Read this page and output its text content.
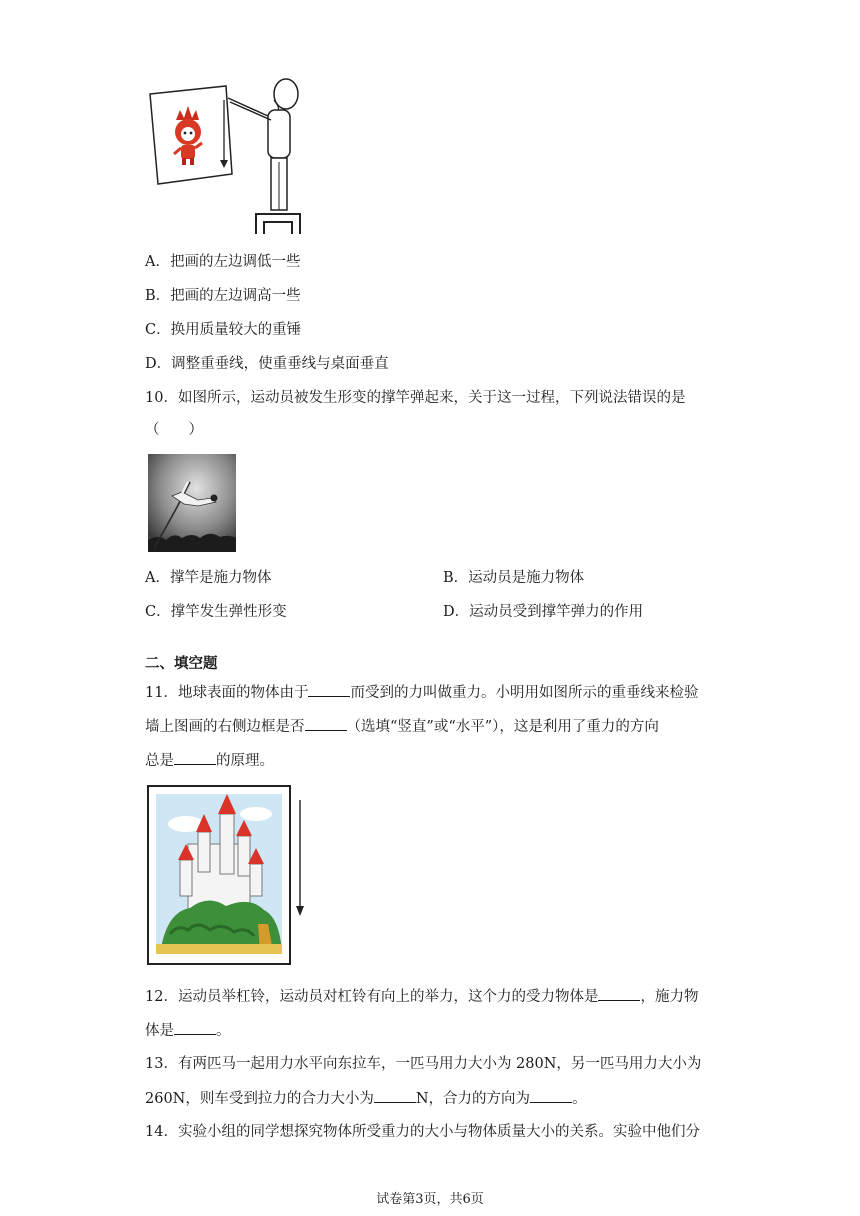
A．把画的左边调低一些
B．把画的左边调高一些
C．换用质量较大的重锤
D．调整重垂线，使重垂线与桌面垂直
10．如图所示，运动员被发生形变的撑竿弹起来，关于这一过程，下列说法错误的是
（　　）
A．撑竿是施力物体	B．运动员是施力物体
C．撑竿发生弹性形变	D．运动员受到撑竿弹力的作用
二、填空题
11．地球表面的物体由于	而受到的力叫做重力。小明用如图所示的重垂线来检验
墙上图画的右侧边框是否	（选填“竖直”或“水平”），这是利用了重力的方向
总是	的原理。
12．运动员举杠铃，运动员对杠铃有向上的举力，这个力的受力物体是	，施力物
体是	。
13．有两匹马一起用力水平向东拉车，一匹马用力大小为 280N，另一匹马用力大小为
260N，则车受到拉力的合力大小为	N，合力的方向为	。
14．实验小组的同学想探究物体所受重力的大小与物体质量大小的关系。实验中他们分
试卷第3页，共6页
